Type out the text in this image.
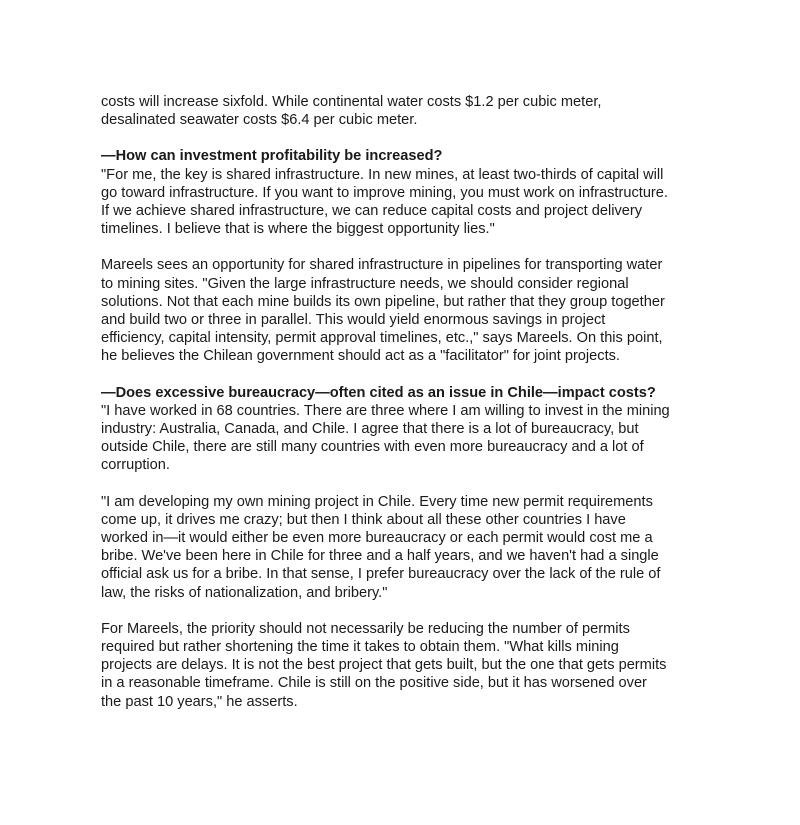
costs will increase sixfold. While continental water costs $1.2 per cubic meter,
desalinated seawater costs $6.4 per cubic meter.

—How can investment profitability be increased?

"For me, the key is shared infrastructure. In new mines, at least two-thirds of capital will
go toward infrastructure. If you want to improve mining, you must work on infrastructure.
If we achieve shared infrastructure, we can reduce capital costs and project delivery
timelines. I believe that is where the biggest opportunity lies."

Mareels sees an opportunity for shared infrastructure in pipelines for transporting water
to mining sites. "Given the large infrastructure needs, we should consider regional
solutions. Not that each mine builds its own pipeline, but rather that they group together
and build two or three in parallel. This would yield enormous savings in project
efficiency, capital intensity, permit approval timelines, etc.," says Mareels. On this point,
he believes the Chilean government should act as a "facilitator" for joint projects.

—Does excessive bureaucracy—often cited as an issue in Chile—impact costs?

"I have worked in 68 countries. There are three where I am willing to invest in the mining
industry: Australia, Canada, and Chile. I agree that there is a lot of bureaucracy, but
outside Chile, there are still many countries with even more bureaucracy and a lot of
corruption.

"I am developing my own mining project in Chile. Every time new permit requirements
come up, it drives me crazy; but then I think about all these other countries I have
worked in—it would either be even more bureaucracy or each permit would cost me a
bribe. We've been here in Chile for three and a half years, and we haven't had a single
official ask us for a bribe. In that sense, I prefer bureaucracy over the lack of the rule of
law, the risks of nationalization, and bribery."

For Mareels, the priority should not necessarily be reducing the number of permits
required but rather shortening the time it takes to obtain them. "What kills mining
projects are delays. It is not the best project that gets built, but the one that gets permits
in a reasonable timeframe. Chile is still on the positive side, but it has worsened over
the past 10 years," he asserts.
